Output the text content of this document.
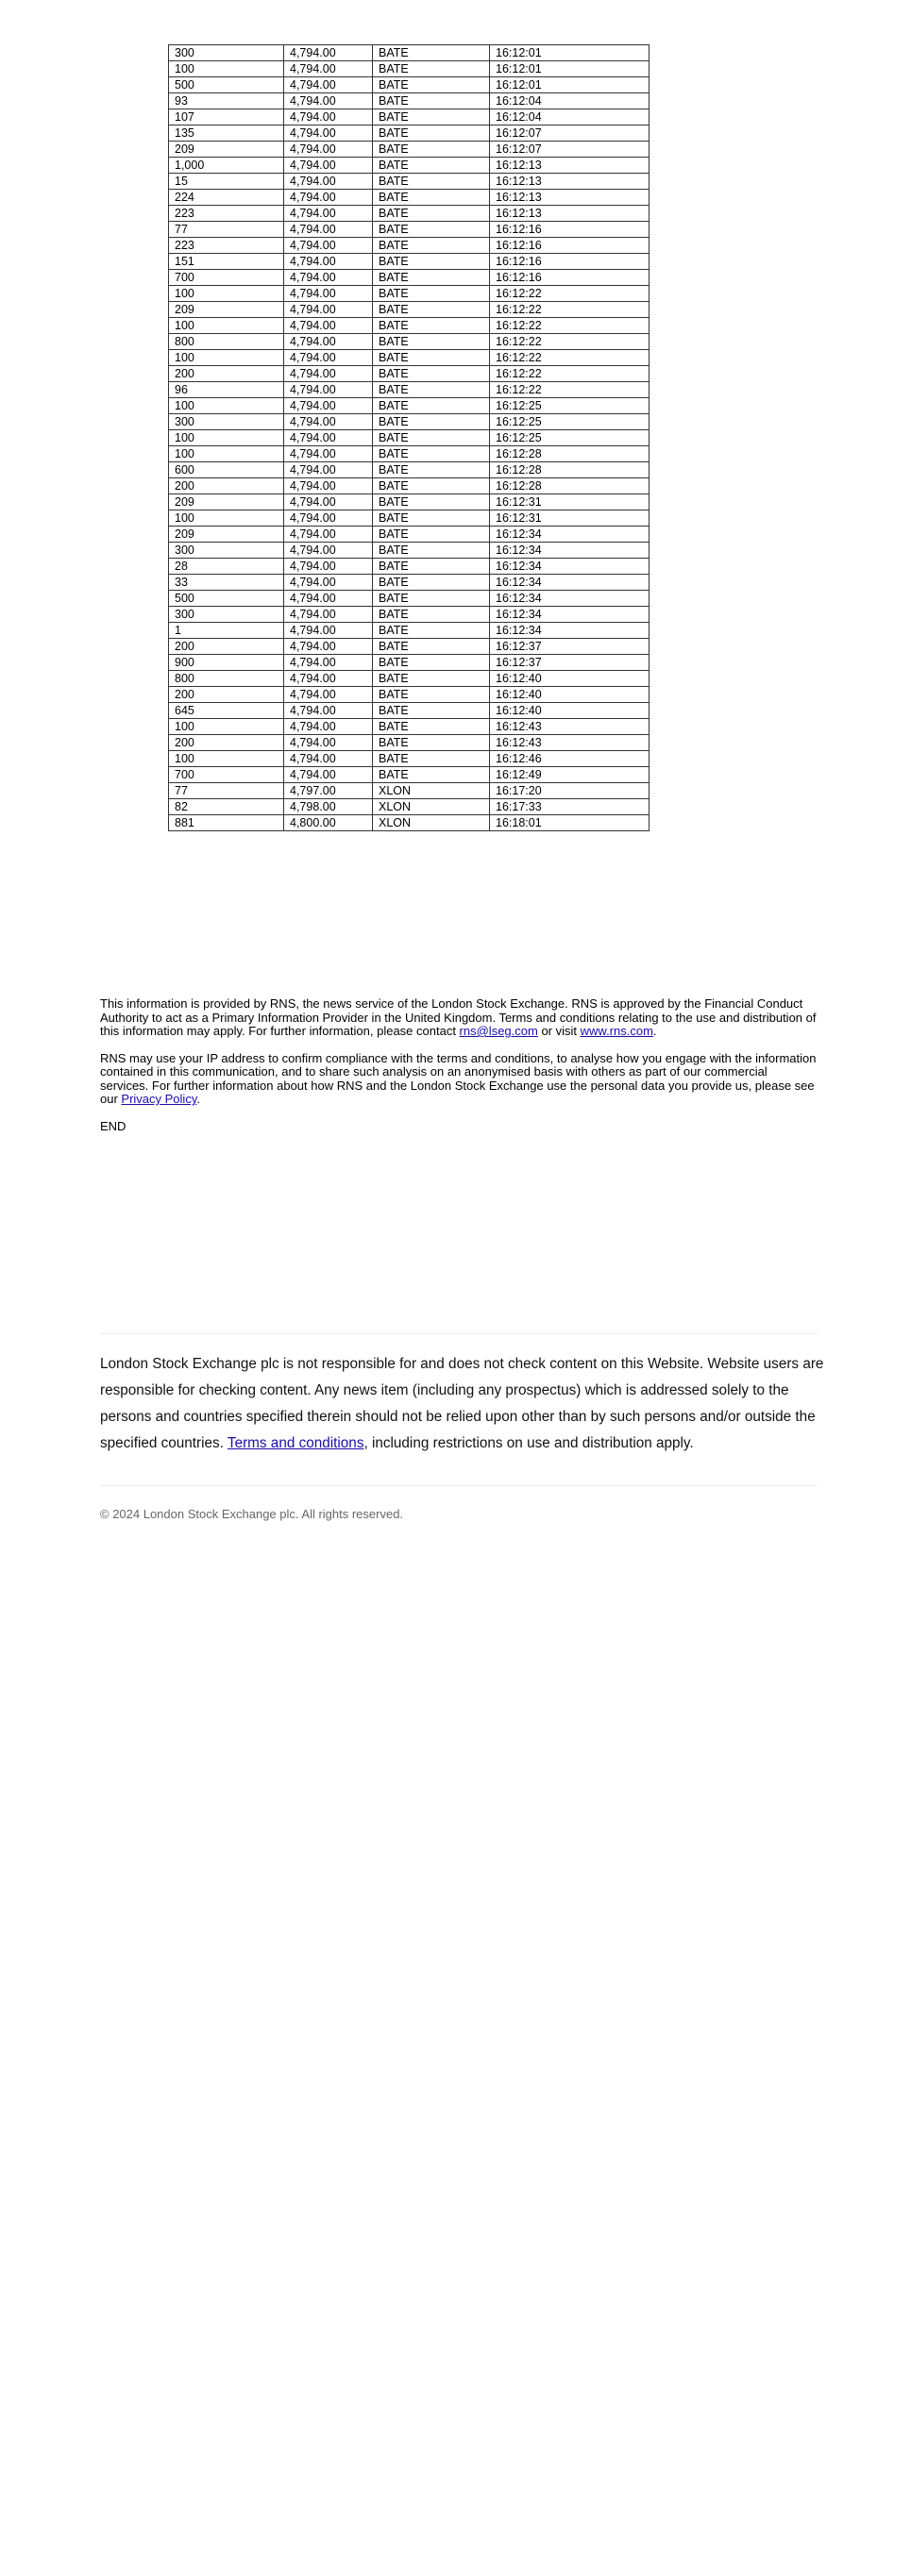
300	4,794.00	BATE	16:12:01
100	4,794.00	BATE	16:12:01
500	4,794.00	BATE	16:12:01
93	4,794.00	BATE	16:12:04
107	4,794.00	BATE	16:12:04
135	4,794.00	BATE	16:12:07
209	4,794.00	BATE	16:12:07
1,000	4,794.00	BATE	16:12:13
15	4,794.00	BATE	16:12:13
224	4,794.00	BATE	16:12:13
223	4,794.00	BATE	16:12:13
77	4,794.00	BATE	16:12:16
223	4,794.00	BATE	16:12:16
151	4,794.00	BATE	16:12:16
700	4,794.00	BATE	16:12:16
100	4,794.00	BATE	16:12:22
209	4,794.00	BATE	16:12:22
100	4,794.00	BATE	16:12:22
800	4,794.00	BATE	16:12:22
100	4,794.00	BATE	16:12:22
200	4,794.00	BATE	16:12:22
96	4,794.00	BATE	16:12:22
100	4,794.00	BATE	16:12:25
300	4,794.00	BATE	16:12:25
100	4,794.00	BATE	16:12:25
100	4,794.00	BATE	16:12:28
600	4,794.00	BATE	16:12:28
200	4,794.00	BATE	16:12:28
209	4,794.00	BATE	16:12:31
100	4,794.00	BATE	16:12:31
209	4,794.00	BATE	16:12:34
300	4,794.00	BATE	16:12:34
28	4,794.00	BATE	16:12:34
33	4,794.00	BATE	16:12:34
500	4,794.00	BATE	16:12:34
300	4,794.00	BATE	16:12:34
1	4,794.00	BATE	16:12:34
200	4,794.00	BATE	16:12:37
900	4,794.00	BATE	16:12:37
800	4,794.00	BATE	16:12:40
200	4,794.00	BATE	16:12:40
645	4,794.00	BATE	16:12:40
100	4,794.00	BATE	16:12:43
200	4,794.00	BATE	16:12:43
100	4,794.00	BATE	16:12:46
700	4,794.00	BATE	16:12:49
77	4,797.00	XLON	16:17:20
82	4,798.00	XLON	16:17:33
881	4,800.00	XLON	16:18:01

This information is provided by RNS, the news service of the London Stock Exchange. RNS is approved by the Financial Conduct Authority to act as a Primary Information Provider in the United Kingdom. Terms and conditions relating to the use and distribution of this information may apply. For further information, please contact rns@lseg.com or visit www.rns.com.

RNS may use your IP address to confirm compliance with the terms and conditions, to analyse how you engage with the information contained in this communication, and to share such analysis on an anonymised basis with others as part of our commercial services. For further information about how RNS and the London Stock Exchange use the personal data you provide us, please see our Privacy Policy.

END

London Stock Exchange plc is not responsible for and does not check content on this Website. Website users are responsible for checking content. Any news item (including any prospectus) which is addressed solely to the persons and countries specified therein should not be relied upon other than by such persons and/or outside the specified countries. Terms and conditions, including restrictions on use and distribution apply.
© 2024 London Stock Exchange plc. All rights reserved.
